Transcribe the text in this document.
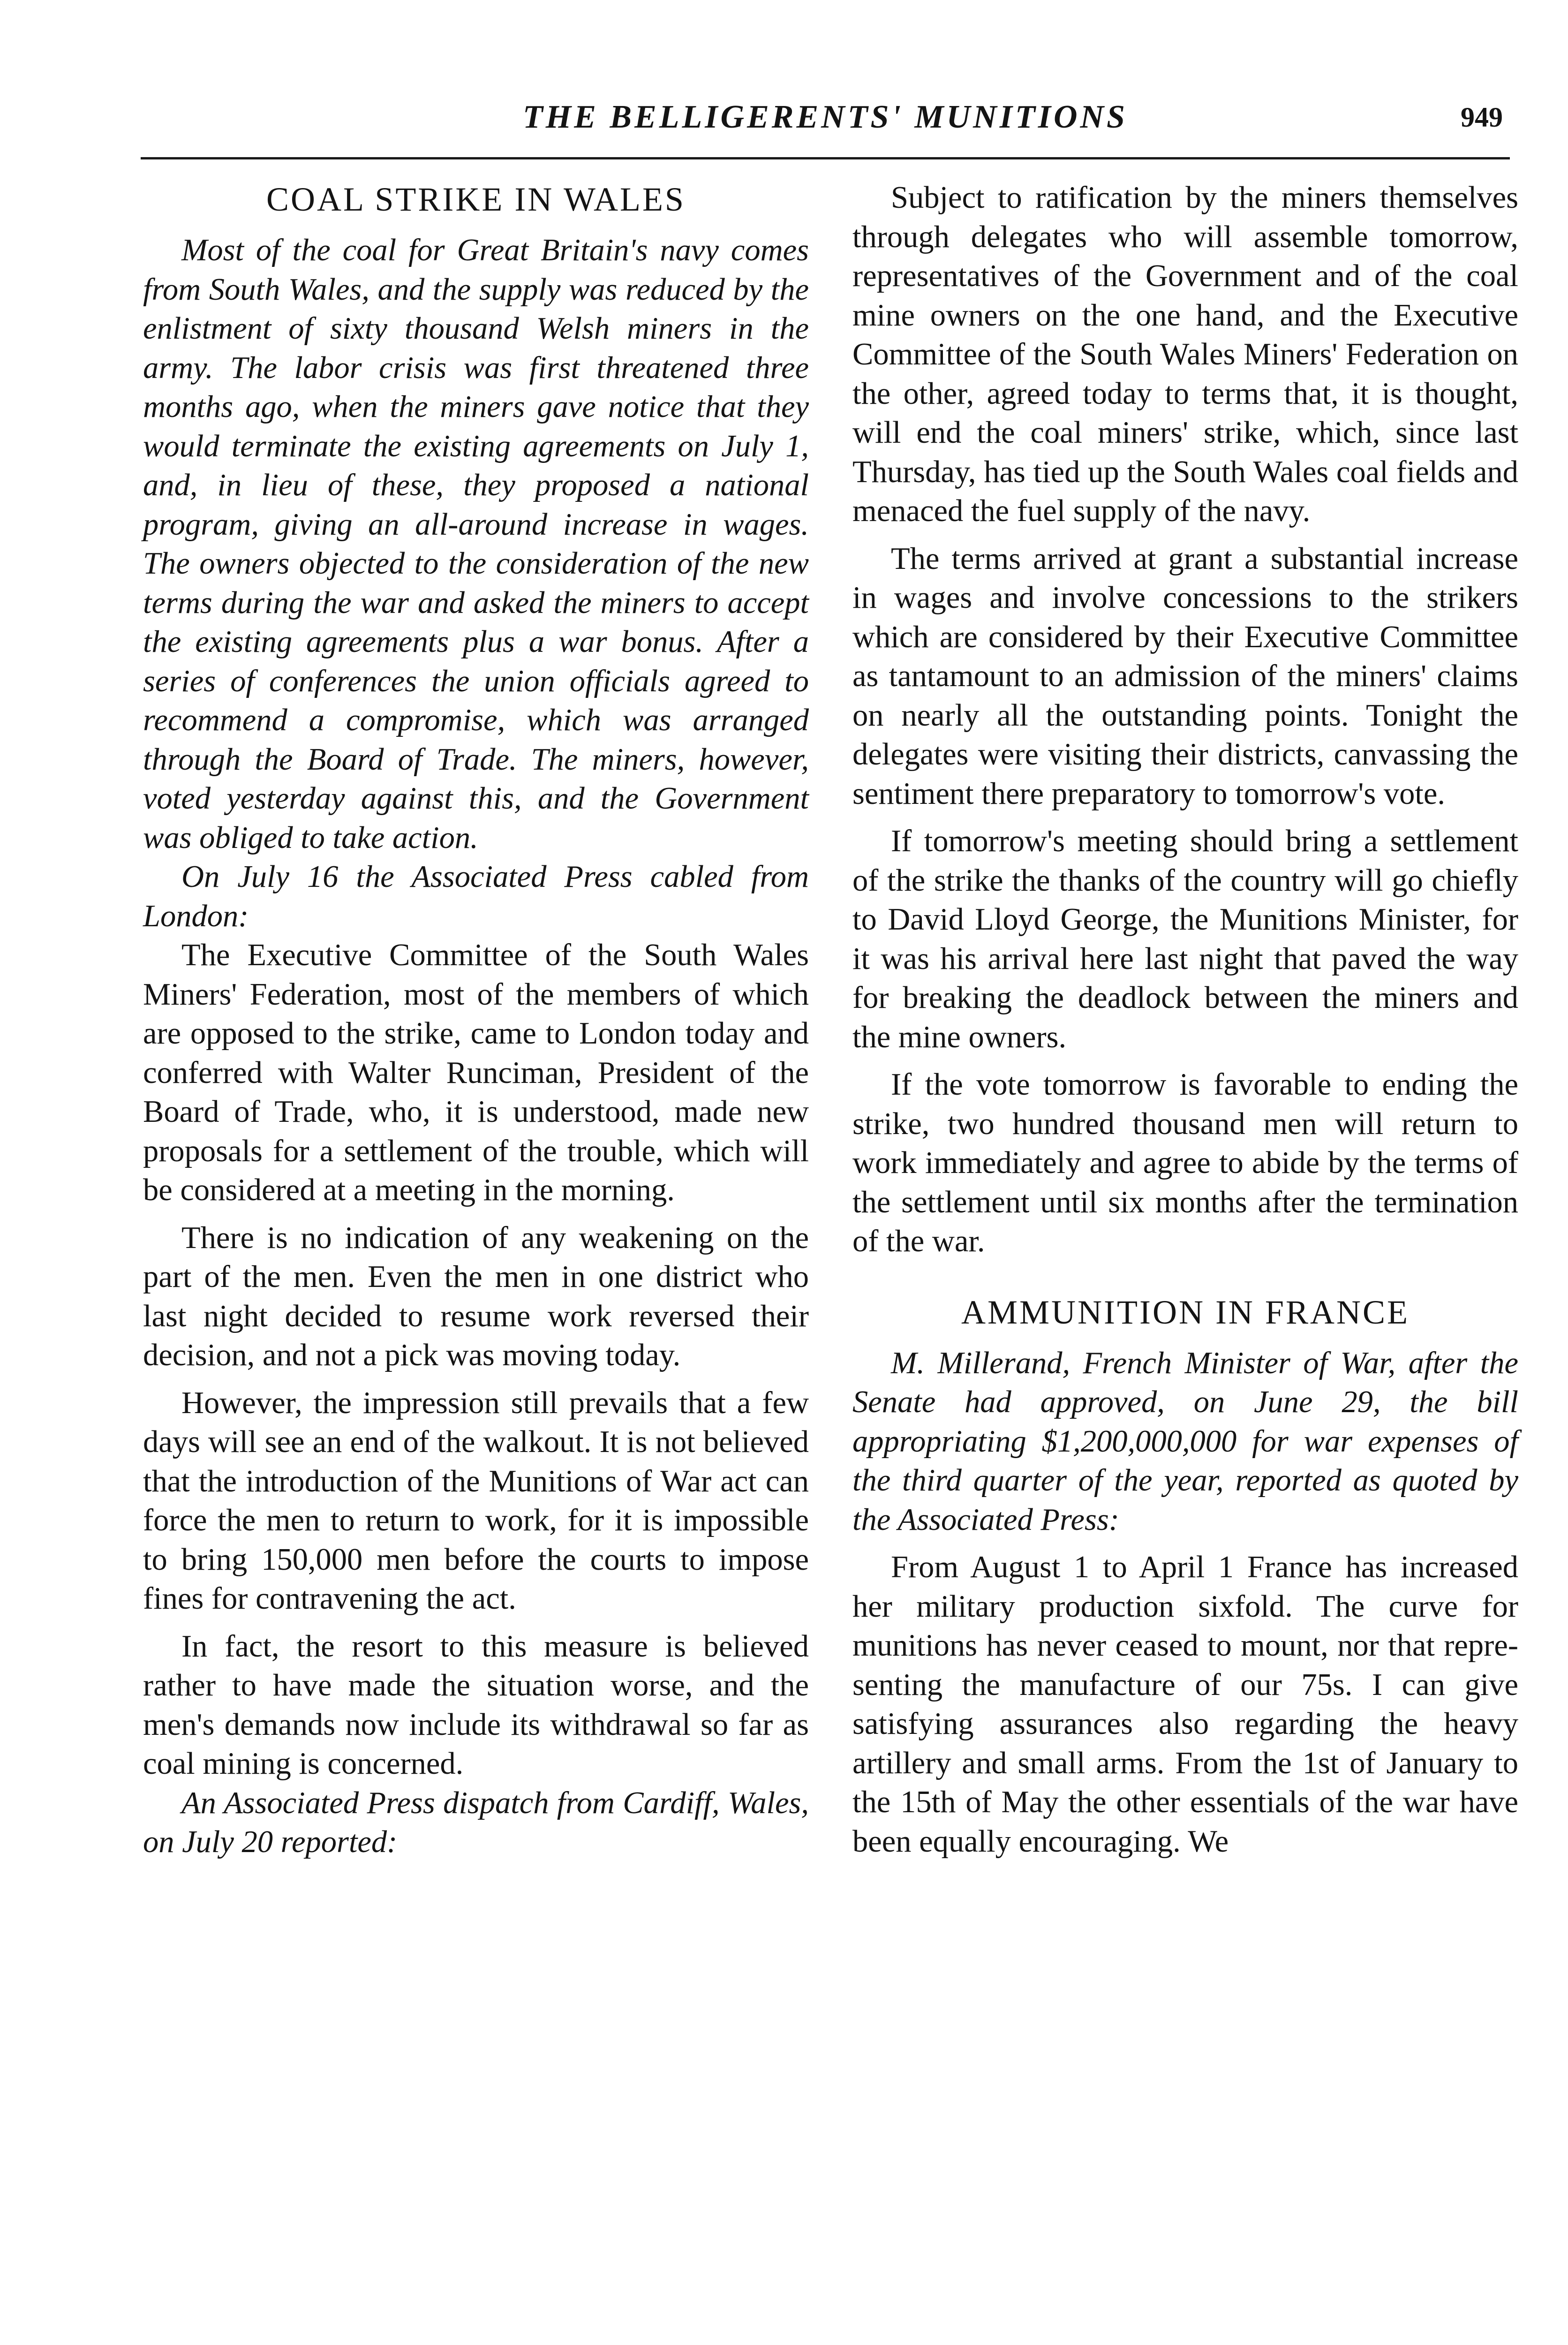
THE BELLIGERENTS' MUNITIONS	949
COAL STRIKE IN WALES

Most of the coal for Great Britain's navy comes from South Wales, and the supply was reduced by the enlistment of sixty thousand Welsh miners in the army. The labor crisis was first threatened three months ago, when the miners gave notice that they would terminate the existing agreements on July 1, and, in lieu of these, they proposed a national program, giving an all-around increase in wages. The owners objected to the consideration of the new terms during the war and asked the miners to accept the existing agreements plus a war bonus. After a series of conferences the union officials agreed to recommend a compromise, which was arranged through the Board of Trade. The miners, however, voted yesterday against this, and the Government was obliged to take action.

On July 16 the Associated Press cabled from London:

The Executive Committee of the South Wales Miners' Federation, most of the members of which are opposed to the strike, came to London today and conferred with Walter Runciman, President of the Board of Trade, who, it is understood, made new proposals for a settlement of the trouble, which will be considered at a meeting in the morning.

There is no indication of any weakening on the part of the men. Even the men in one district who last night decided to resume work reversed their decision, and not a pick was moving today.

However, the impression still prevails that a few days will see an end of the walkout. It is not believed that the introduction of the Munitions of War act can force the men to return to work, for it is impossible to bring 150,000 men before the courts to impose fines for contravening the act.

In fact, the resort to this measure is believed rather to have made the situation worse, and the men's demands now include its withdrawal so far as coal mining is concerned.

An Associated Press dispatch from Cardiff, Wales, on July 20 reported:

Subject to ratification by the miners themselves through delegates who will assemble tomorrow, representatives of the Government and of the coal mine owners on the one hand, and the Executive Committee of the South Wales Miners' Federation on the other, agreed today to terms that, it is thought, will end the coal miners' strike, which, since last Thursday, has tied up the South Wales coal fields and menaced the fuel supply of the navy.

The terms arrived at grant a substantial increase in wages and involve concessions to the strikers which are considered by their Executive Committee as tantamount to an admission of the miners' claims on nearly all the outstanding points. Tonight the delegates were visiting their districts, canvassing the sentiment there preparatory to tomorrow's vote.

If tomorrow's meeting should bring a settlement of the strike the thanks of the country will go chiefly to David Lloyd George, the Munitions Minister, for it was his arrival here last night that paved the way for breaking the deadlock between the miners and the mine owners.

If the vote tomorrow is favorable to ending the strike, two hundred thousand men will return to work immediately and agree to abide by the terms of the settlement until six months after the termination of the war.

AMMUNITION IN FRANCE

M. Millerand, French Minister of War, after the Senate had approved, on June 29, the bill appropriating $1,200,000,000 for war expenses of the third quarter of the year, reported as quoted by the Associated Press:

From August 1 to April 1 France has increased her military production sixfold. The curve for munitions has never ceased to mount, nor that representing the manufacture of our 75s. I can give satisfying assurances also regarding the heavy artillery and small arms. From the 1st of January to the 15th of May the other essentials of the war have been equally encouraging. We
